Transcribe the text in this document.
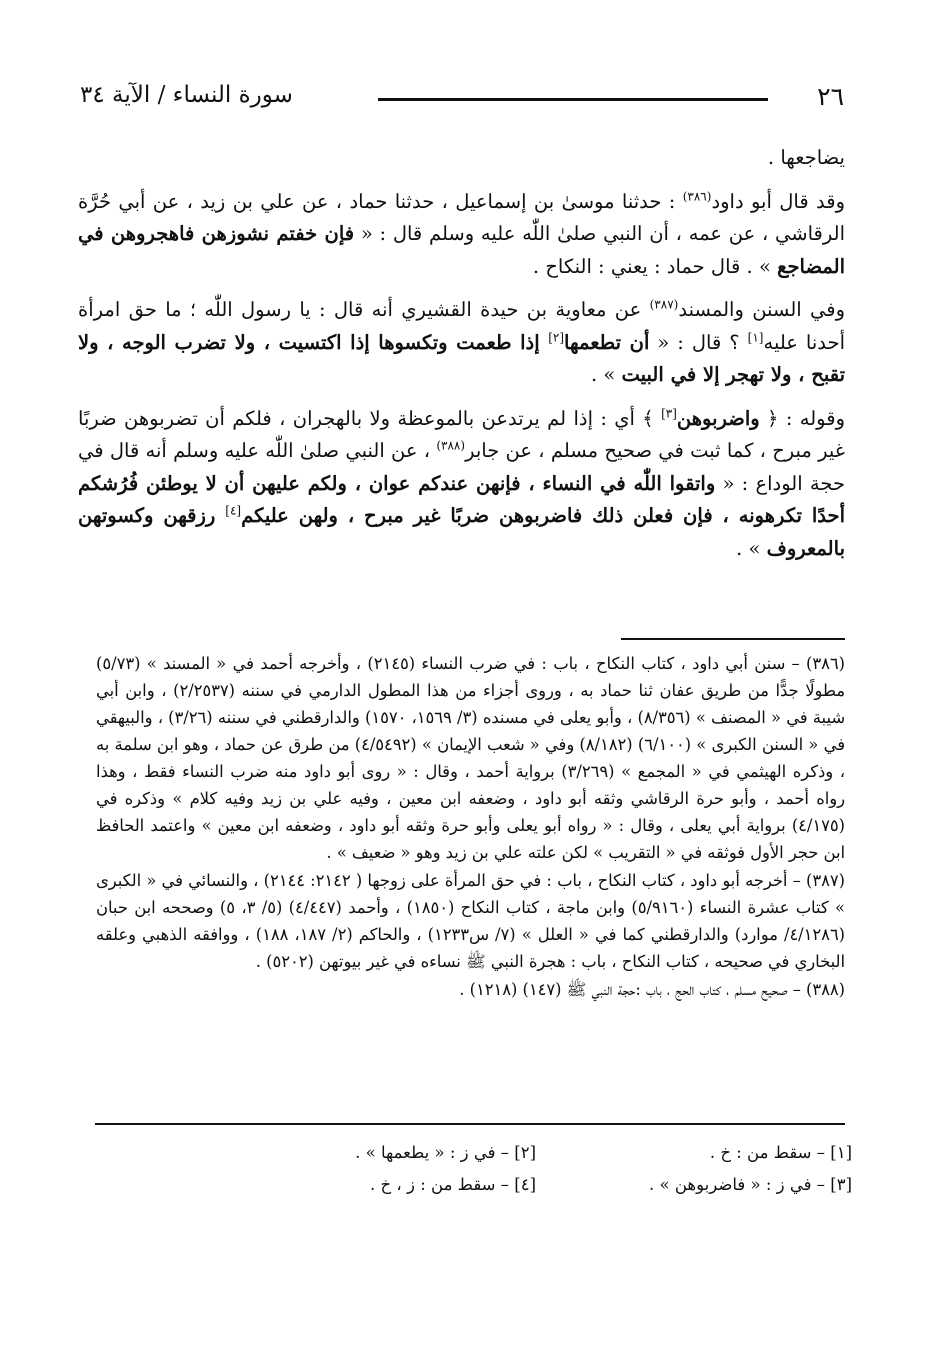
٢٦
سورة النساء / الآية ٣٤

يضاجعها .

وقد قال أبو داود$^{(٣٨٦)}$ : حدثنا موسىٰ بن إسماعيل ، حدثنا حماد ، عن علي بن زيد ، عن أبي حُرَّة الرقاشي ، عن عمه ، أن النبي صلىٰ اللّٰه عليه وسلم قال : « فإن خفتم نشوزهن فاهجروهن في المضاجع » . قال حماد : يعني : النكاح .

وفي السنن والمسند$^{(٣٨٧)}$ عن معاوية بن حيدة القشيري أنه قال : يا رسول اللّٰه ؛ ما حق امرأة أحدنا عليه[١] ؟ قال : « أن تطعمها[٢] إذا طعمت وتكسوها إذا اكتسيت ، ولا تضرب الوجه ، ولا تقبح ، ولا تهجر إلا في البيت » .

وقوله : ﴿ واضربوهن[٣] ﴾ أي : إذا لم يرتدعن بالموعظة ولا بالهجران ، فلكم أن تضربوهن ضربًا غير مبرح ، كما ثبت في صحيح مسلم ، عن جابر$^{(٣٨٨)}$ ، عن النبي صلىٰ اللّٰه عليه وسلم أنه قال في حجة الوداع : « واتقوا اللّٰه في النساء ، فإنهن عندكم عوان ، ولكم عليهن أن لا يوطئن فُرُشكم أحدًا تكرهونه ، فإن فعلن ذلك فاضربوهن ضربًا غير مبرح ، ولهن عليكم[٤] رزقهن وكسوتهن بالمعروف » .

(٣٨٦) – سنن أبي داود ، كتاب النكاح ، باب : في ضرب النساء (٢١٤٥) ، وأخرجه أحمد في « المسند » (٥/٧٣) مطولًا جدًّا من طريق عفان ثنا حماد به ، وروى أجزاء من هذا المطول الدارمي في سننه (٢/٢٥٣٧) ، وابن أبي شيبة في « المصنف » (٨/٣٥٦) ، وأبو يعلى في مسنده (٣/ ١٥٦٩، ١٥٧٠) والدارقطني في سننه (٣/٢٦) ، والبيهقي في « السنن الكبرى » (٦/١٠٠) (٨/١٨٢) وفي « شعب الإيمان » (٤/٥٤٩٢) من طرق عن حماد ، وهو ابن سلمة به ، وذكره الهيثمي في « المجمع » (٣/٢٦٩) برواية أحمد ، وقال : « روى أبو داود منه ضرب النساء فقط ، وهذا رواه أحمد ، وأبو حرة الرقاشي وثقه أبو داود ، وضعفه ابن معين ، وفيه علي بن زيد وفيه كلام » وذكره في (٤/١٧٥) برواية أبي يعلى ، وقال : « رواه أبو يعلى وأبو حرة وثقه أبو داود ، وضعفه ابن معين » واعتمد الحافظ ابن حجر الأول فوثقه في « التقريب » لكن علته علي بن زيد وهو « ضعيف » .

(٣٨٧) – أخرجه أبو داود ، كتاب النكاح ، باب : في حق المرأة على زوجها ( ٢١٤٢: ٢١٤٤) ، والنسائي في « الكبرى » كتاب عشرة النساء (٥/٩١٦٠) وابن ماجة ، كتاب النكاح (١٨٥٠) ، وأحمد (٤/٤٤٧) (٥/ ٣، ٥) وصححه ابن حبان (٤/١٢٨٦/ موارد) والدارقطني كما في « العلل » (٧/ س١٢٣٣) ، والحاكم (٢/ ١٨٧، ١٨٨) ، ووافقه الذهبي وعلقه البخاري في صحيحه ، كتاب النكاح ، باب : هجرة النبي ﷺ نساءه في غير بيوتهن (٥٢٠٢) .

(٣٨٨) – صحيح مسلم ، كتاب الحج ، باب :حجة النبي ﷺ (١٤٧) (١٢١٨) .

[١] – سقط من : خ .
[٢] – في ز : « يطعمها » .
[٣] – في ز : « فاضربوهن » .
[٤] – سقط من : ز ، خ .
